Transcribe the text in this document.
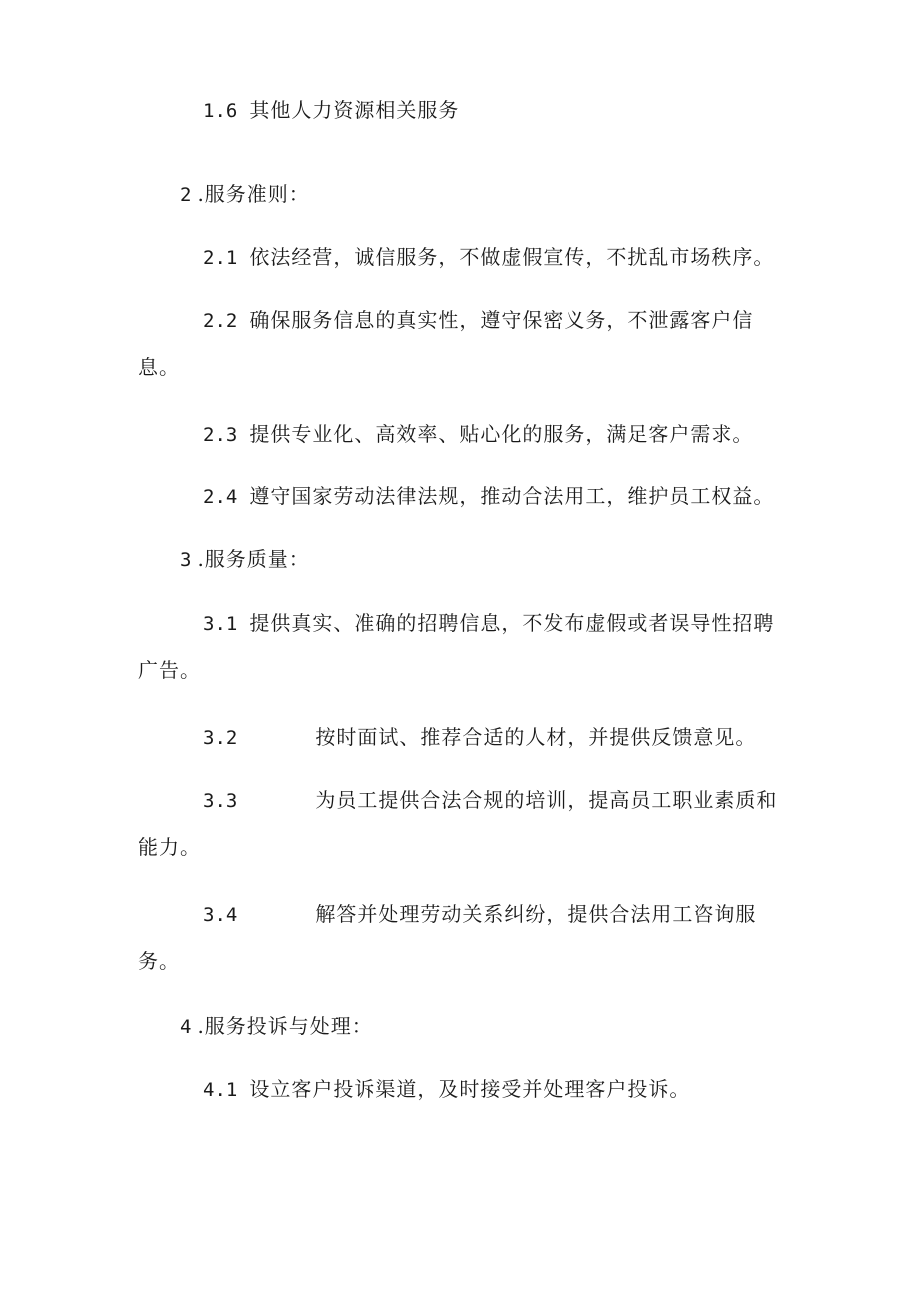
1.6 其他人力资源相关服务
2 .服务准则：
2.1 依法经营，诚信服务，不做虚假宣传，不扰乱市场秩序。
2.2 确保服务信息的真实性，遵守保密义务，不泄露客户信
息。
2.3 提供专业化、高效率、贴心化的服务，满足客户需求。
2.4 遵守国家劳动法律法规，推动合法用工，维护员工权益。
3 .服务质量：
3.1 提供真实、准确的招聘信息，不发布虚假或者误导性招聘
广告。
3.2	按时面试、推荐合适的人材，并提供反馈意见。
3.3	为员工提供合法合规的培训，提高员工职业素质和
能力。
3.4	解答并处理劳动关系纠纷，提供合法用工咨询服
务。
4 .服务投诉与处理：
4.1 设立客户投诉渠道，及时接受并处理客户投诉。
